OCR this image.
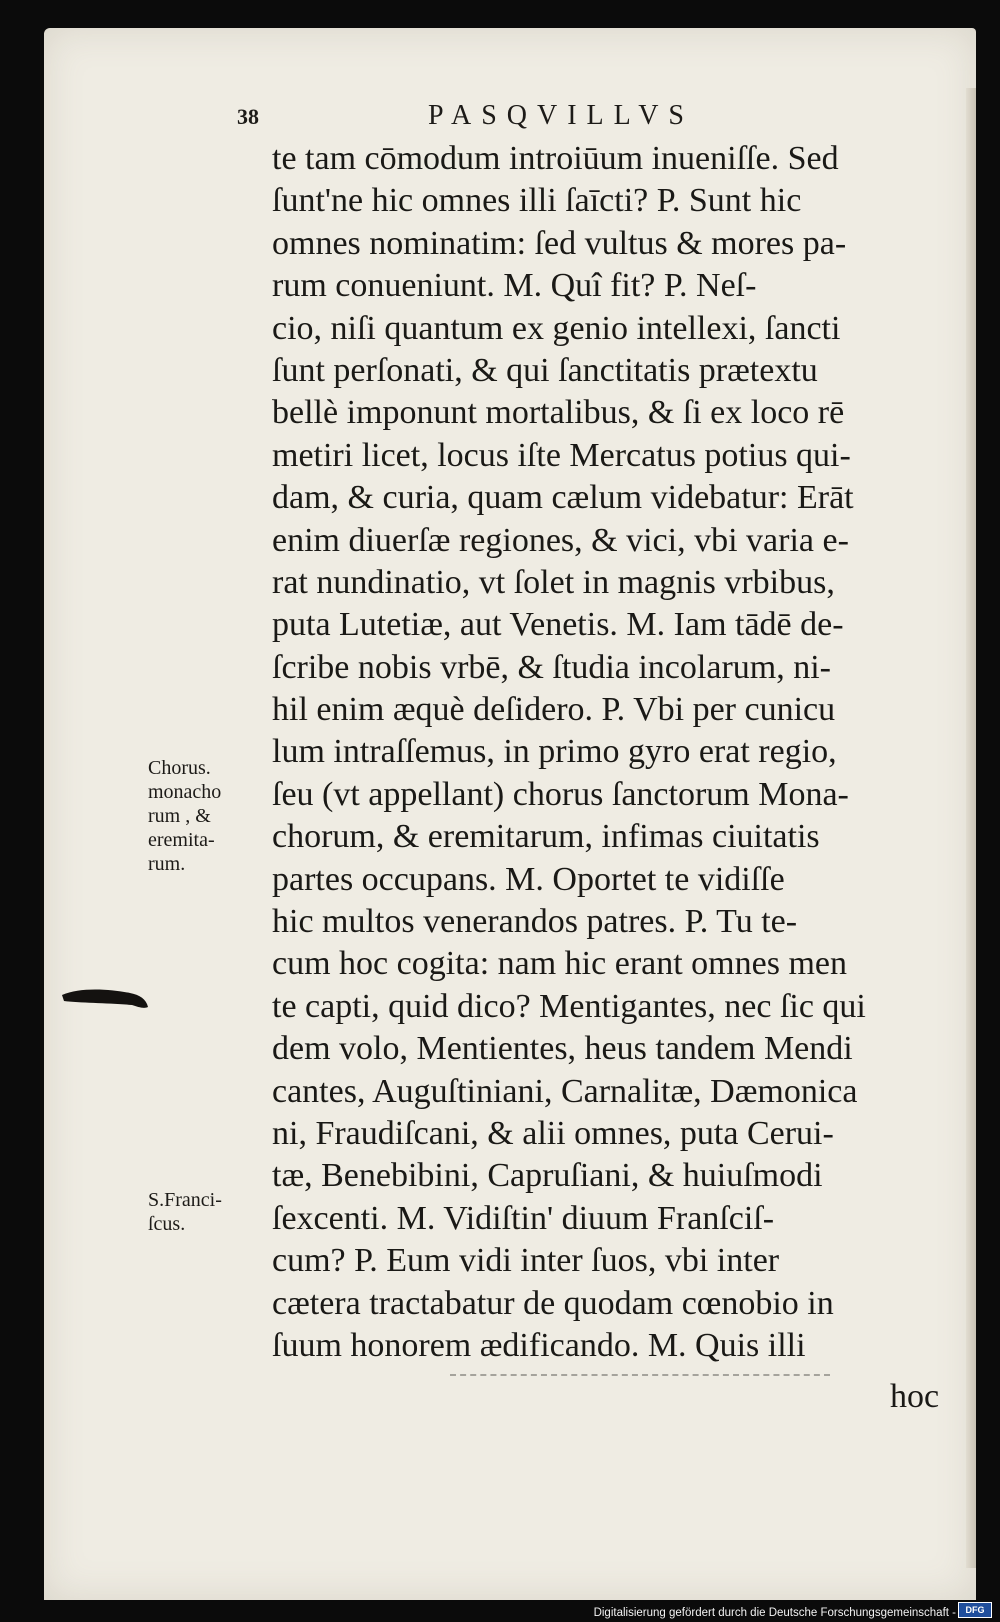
38	PASQVILLVS
te tam cōmodum introiūum inueniſſe. Sed
ſunt'ne hic omnes illi ſaīcti? P. Sunt hic
omnes nominatim: ſed vultus & mores pa-
rum conueniunt. M. Quî fit? P. Neſ-
cio, niſi quantum ex genio intellexi, ſancti
ſunt perſonati, & qui ſanctitatis prætextu
bellè imponunt mortalibus, & ſi ex loco rē
metiri licet, locus iſte Mercatus potius qui-
dam, & curia, quam cælum videbatur: Erāt
enim diuerſæ regiones, & vici, vbi varia e-
rat nundinatio, vt ſolet in magnis vrbibus,
puta Lutetiæ, aut Venetis. M. Iam tādē de-
ſcribe nobis vrbē, & ſtudia incolarum, ni-
hil enim æquè deſidero. P. Vbi per cunicu
lum intraſſemus, in primo gyro erat regio,
ſeu (vt appellant) chorus ſanctorum Mona-
chorum, & eremitarum, infimas ciuitatis
partes occupans. M. Oportet te vidiſſe
hic multos venerandos patres. P. Tu te-
cum hoc cogita: nam hic erant omnes men
te capti, quid dico? Mentigantes, nec ſic qui
dem volo, Mentientes, heus tandem Mendi
cantes, Auguſtiniani, Carnalitæ, Dæmonica
ni, Fraudiſcani, & alii omnes, puta Cerui-
tæ, Benebibini, Capruſiani, & huiuſmodi
ſexcenti. M. Vidiſtin' diuum Franſciſ-
cum? P. Eum vidi inter ſuos, vbi inter
cætera tractabatur de quodam cœnobio in
ſuum honorem ædificando. M. Quis illi
hoc
Chorus.
monacho
rum , &
eremita-
rum.
S.Franci-
ſcus.
Digitalisierung gefördert durch die Deutsche Forschungsgemeinschaft -	DFG
